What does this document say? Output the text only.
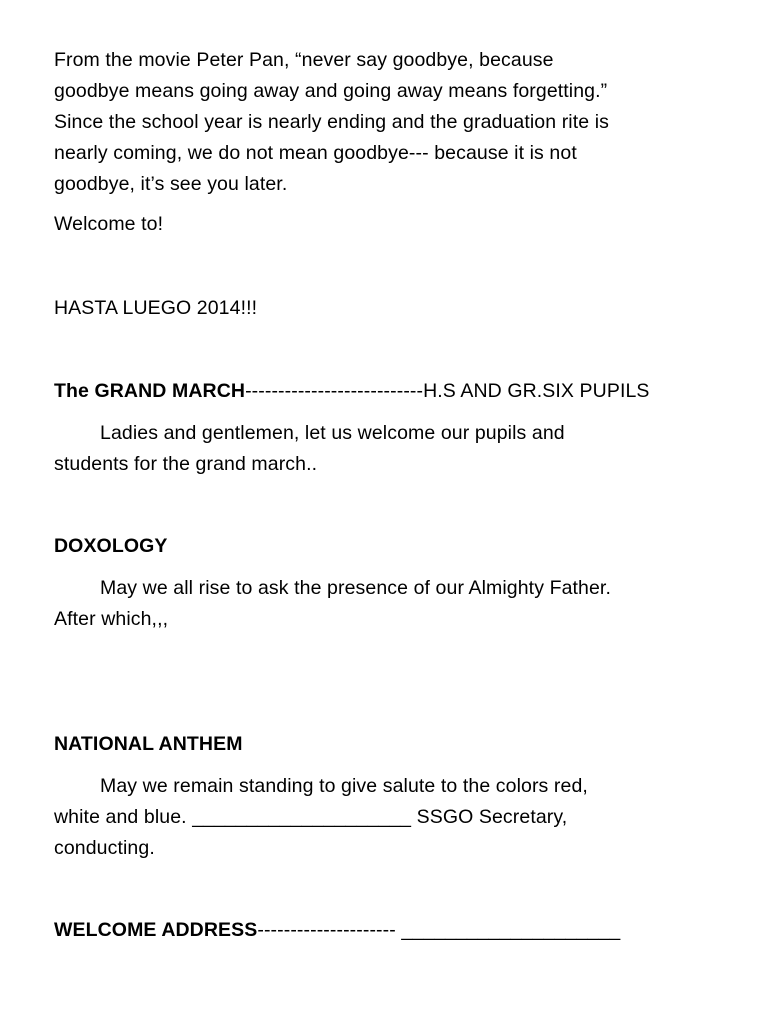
From the movie Peter Pan, “never say goodbye, because
goodbye means going away and going away means forgetting.”
Since the school year is nearly ending and the graduation rite is
nearly coming, we do not mean goodbye--- because it is not
goodbye, it’s see you later.
Welcome to!
HASTA LUEGO 2014!!!
The GRAND MARCH---------------------------H.S AND GR.SIX PUPILS
Ladies and gentlemen, let us welcome our pupils and
students for the grand march..
DOXOLOGY
May we all rise to ask the presence of our Almighty Father.
After which,,,
NATIONAL ANTHEM
May we remain standing to give salute to the colors red,
white and blue. ____________________ SSGO Secretary,
conducting.
WELCOME ADDRESS--------------------- ____________________
